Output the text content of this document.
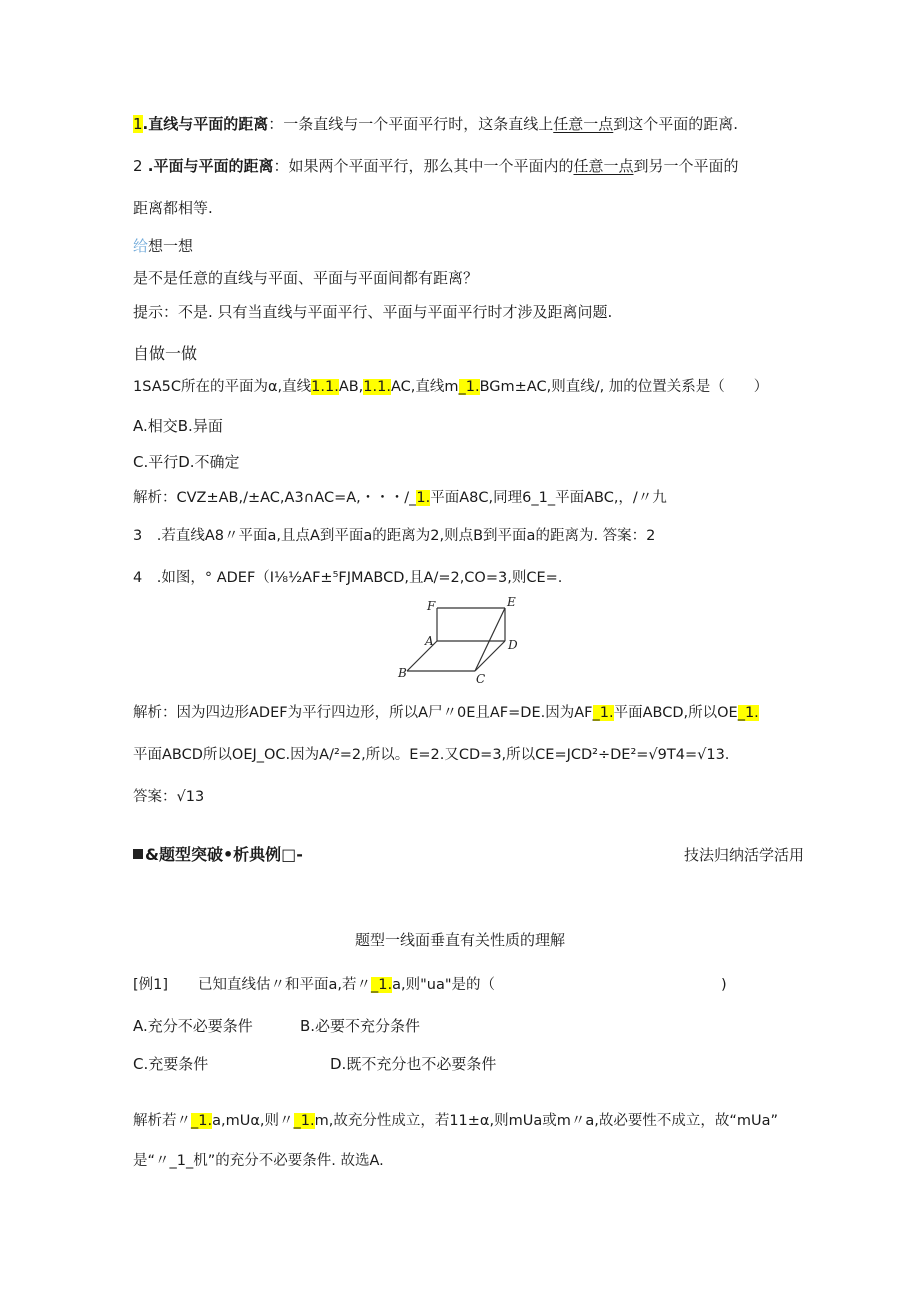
1.直线与平面的距离：一条直线与一个平面平行时，这条直线上任意一点到这个平面的距离.
2 .平面与平面的距离：如果两个平面平行，那么其中一个平面内的任意一点到另一个平面的
距离都相等.
给想一想
是不是任意的直线与平面、平面与平面间都有距离？
提示：不是. 只有当直线与平面平行、平面与平面平行时才涉及距离问题.
自做一做
1SA5C所在的平面为α,直线1.1.AB,1.1.AC,直线m_1.BGm±AC,则直线/, 加的位置关系是（　　）
A.相交B.异面
C.平行D.不确定
解析：CVZ±AB,/±AC,A3∩AC=A,・・・/_1.平面A8C,同理6_1_平面ABC,，/〃九
3　.若直线A8〃平面a,且点A到平面a的距离为2,则点B到平面a的距离为. 答案：2
4　.如图，° ADEF（I⅛½AF±⁵FJMABCD,且A/=2,CO=3,则CE=.
F	E
A	D
B	C
解析：因为四边形ADEF为平行四边形，所以A尸〃0E且AF=DE.因为AF_1.平面ABCD,所以OE_1.
平面ABCD所以OEJ_OC.因为A/²=2,所以。E=2.又CD=3,所以CE=JCD²÷DE²=√9T4=√13.
答案：√13
&题型突破•析典例□-	技法归纳活学活用
题型一线面垂直有关性质的理解
[例1] 已知直线估〃和平面a,若〃_1.a,则"ua"是的（	)
A.充分不必要条件	B.必要不充分条件
C.充要条件	D.既不充分也不必要条件
解析若〃_1.a,mUα,则〃_1.m,故充分性成立，若11±α,则mUa或m〃a,故必要性不成立，故“mUa”
是“〃_1_机”的充分不必要条件. 故选A.
